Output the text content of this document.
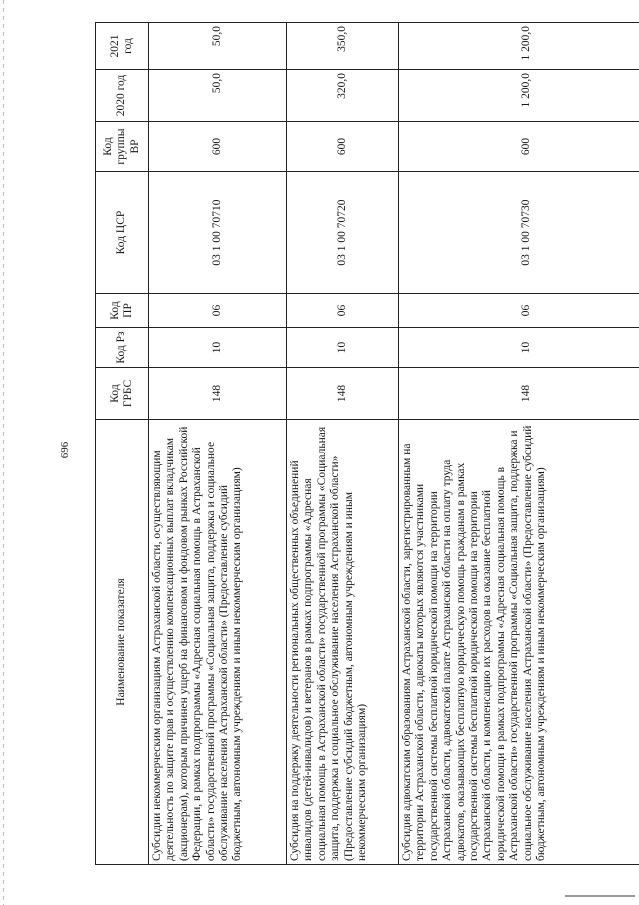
696
Наименование показателя	Код ГРБС	Код Рз	Код ПР	Код ЦСР	Код группы ВР	2020 год	2021 год
Субсидии некоммерческим организациям Астраханской области, осуществляющим деятельность по защите прав и осуществлению компенсационных выплат вкладчикам (акционерам), которым причинен ущерб на финансовом и фондовом рынках Российской Федерации, в рамках подпрограммы «Адресная социальная помощь в Астраханской области» государственной программы «Социальная защита, поддержка и социальное обслуживание населения Астраханской области» (Предоставление субсидий бюджетным, автономным учреждениям и иным некоммерческим организациям)	148	10	06	03 1 00 70710	600	50,0	50,0
Субсидия на поддержку деятельности региональных общественных объединений инвалидов (детей-инвалидов) и ветеранов в рамках подпрограммы «Адресная социальная помощь в Астраханской области» государственной программы «Социальная защита, поддержка и социальное обслуживание населения Астраханской области» (Предоставление субсидий бюджетным, автономным учреждениям и иным некоммерческим организациям)	148	10	06	03 1 00 70720	600	320,0	350,0
Субсидия адвокатским образованиям Астраханской области, зарегистрированным на территории Астраханской области, адвокаты которых являются участниками государственной системы бесплатной юридической помощи на территории Астраханской области, адвокатской палате Астраханской области на оплату труда адвокатов, оказывающих бесплатную юридическую помощь гражданам в рамках государственной системы бесплатной юридической помощи на территории Астраханской области, и компенсацию их расходов на оказание бесплатной юридической помощи в рамках подпрограммы «Адресная социальная помощь в Астраханской области» государственной программы «Социальная защита, поддержка и социальное обслуживание населения Астраханской области» (Предоставление субсидий бюджетным, автономным учреждениям и иным некоммерческим организациям)	148	10	06	03 1 00 70730	600	1 200,0	1 200,0
